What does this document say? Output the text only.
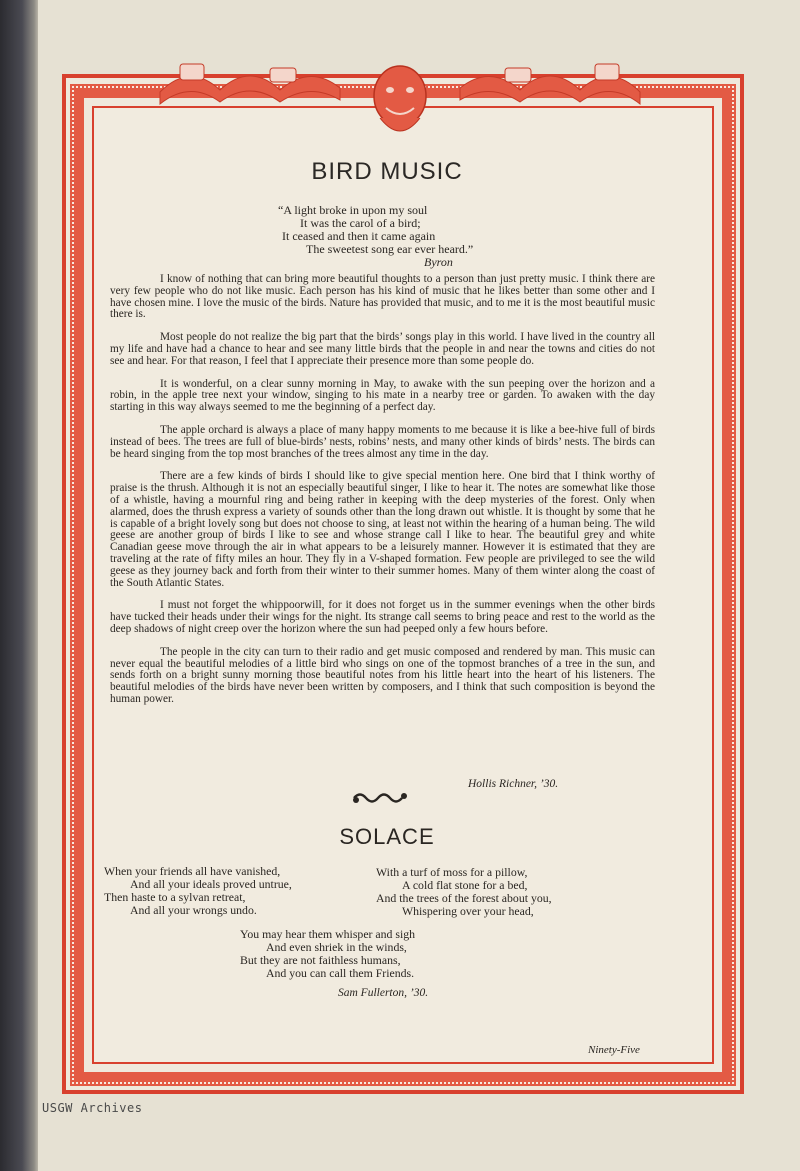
BIRD MUSIC
“A light broke in upon my soul
It was the carol of a bird;
It ceased and then it came again
The sweetest song ear ever heard.”
Byron

I know of nothing that can bring more beautiful thoughts to a person than just pretty music. I think there are very few people who do not like music. Each person has his kind of music that he likes better than some other and I have chosen mine. I love the music of the birds. Nature has provided that music, and to me it is the most beautiful music there is.

Most people do not realize the big part that the birds’ songs play in this world. I have lived in the country all my life and have had a chance to hear and see many little birds that the people in and near the towns and cities do not see and hear. For that reason, I feel that I appreciate their presence more than some people do.

It is wonderful, on a clear sunny morning in May, to awake with the sun peeping over the horizon and a robin, in the apple tree next your window, singing to his mate in a nearby tree or garden. To awaken with the day starting in this way always seemed to me the beginning of a perfect day.

The apple orchard is always a place of many happy moments to me because it is like a bee-hive full of birds instead of bees. The trees are full of blue-birds’ nests, robins’ nests, and many other kinds of birds’ nests. The birds can be heard singing from the top most branches of the trees almost any time in the day.

There are a few kinds of birds I should like to give special mention here. One bird that I think worthy of praise is the thrush. Although it is not an especially beautiful singer, I like to hear it. The notes are somewhat like those of a whistle, having a mournful ring and being rather in keeping with the deep mysteries of the forest. Only when alarmed, does the thrush express a variety of sounds other than the long drawn out whistle. It is thought by some that he is capable of a bright lovely song but does not choose to sing, at least not within the hearing of a human being. The wild geese are another group of birds I like to see and whose strange call I like to hear. The beautiful grey and white Canadian geese move through the air in what appears to be a leisurely manner. However it is estimated that they are traveling at the rate of fifty miles an hour. They fly in a V-shaped formation. Few people are privileged to see the wild geese as they journey back and forth from their winter to their summer homes. Many of them winter along the coast of the South Atlantic States.

I must not forget the whippoorwill, for it does not forget us in the summer evenings when the other birds have tucked their heads under their wings for the night. Its strange call seems to bring peace and rest to the world as the deep shadows of night creep over the horizon where the sun had peeped only a few hours before.

The people in the city can turn to their radio and get music composed and rendered by man. This music can never equal the beautiful melodies of a little bird who sings on one of the topmost branches of a tree in the sun, and sends forth on a bright sunny morning those beautiful notes from his little heart into the heart of his listeners. The beautiful melodies of the birds have never been written by composers, and I think that such composition is beyond the human power.

Hollis Richner, ’30.
SOLACE
When your friends all have vanished,
And all your ideals proved untrue,
Then haste to a sylvan retreat,
And all your wrongs undo.
With a turf of moss for a pillow,
A cold flat stone for a bed,
And the trees of the forest about you,
Whispering over your head,
You may hear them whisper and sigh
And even shriek in the winds,
But they are not faithless humans,
And you can call them Friends.
Sam Fullerton, ’30.
Ninety-Five
USGW Archives
